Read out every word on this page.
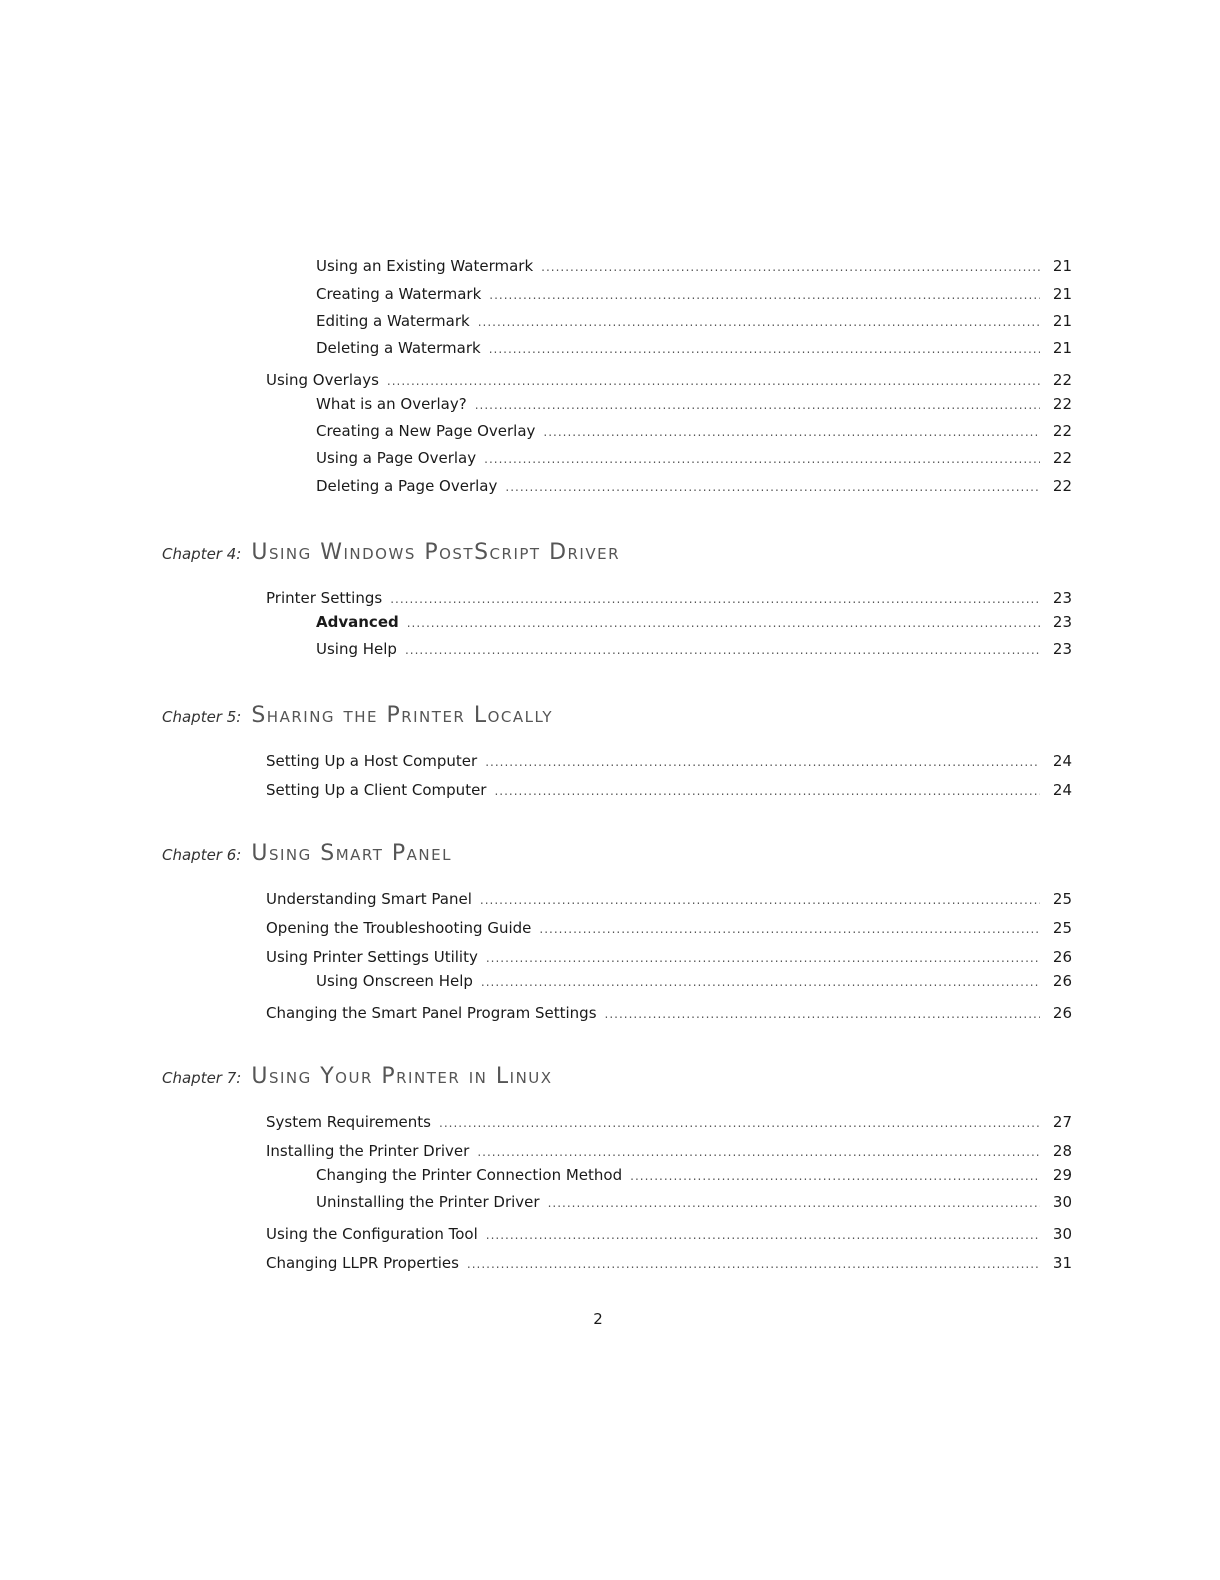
Using an Existing Watermark .....	21
Creating a Watermark .....	21
Editing a Watermark .....	21
Deleting a Watermark .....	21
Using Overlays .....	22
What is an Overlay? .....	22
Creating a New Page Overlay .....	22
Using a Page Overlay .....	22
Deleting a Page Overlay .....	22
Chapter 4: Using Windows PostScript Driver
Printer Settings .....	23
Advanced .....	23
Using Help .....	23
Chapter 5: Sharing the Printer Locally
Setting Up a Host Computer .....	24
Setting Up a Client Computer .....	24
Chapter 6: Using Smart Panel
Understanding Smart Panel .....	25
Opening the Troubleshooting Guide .....	25
Using Printer Settings Utility .....	26
Using Onscreen Help .....	26
Changing the Smart Panel Program Settings .....	26
Chapter 7: Using Your Printer in Linux
System Requirements .....	27
Installing the Printer Driver .....	28
Changing the Printer Connection Method .....	29
Uninstalling the Printer Driver .....	30
Using the Configuration Tool .....	30
Changing LLPR Properties .....	31
2
